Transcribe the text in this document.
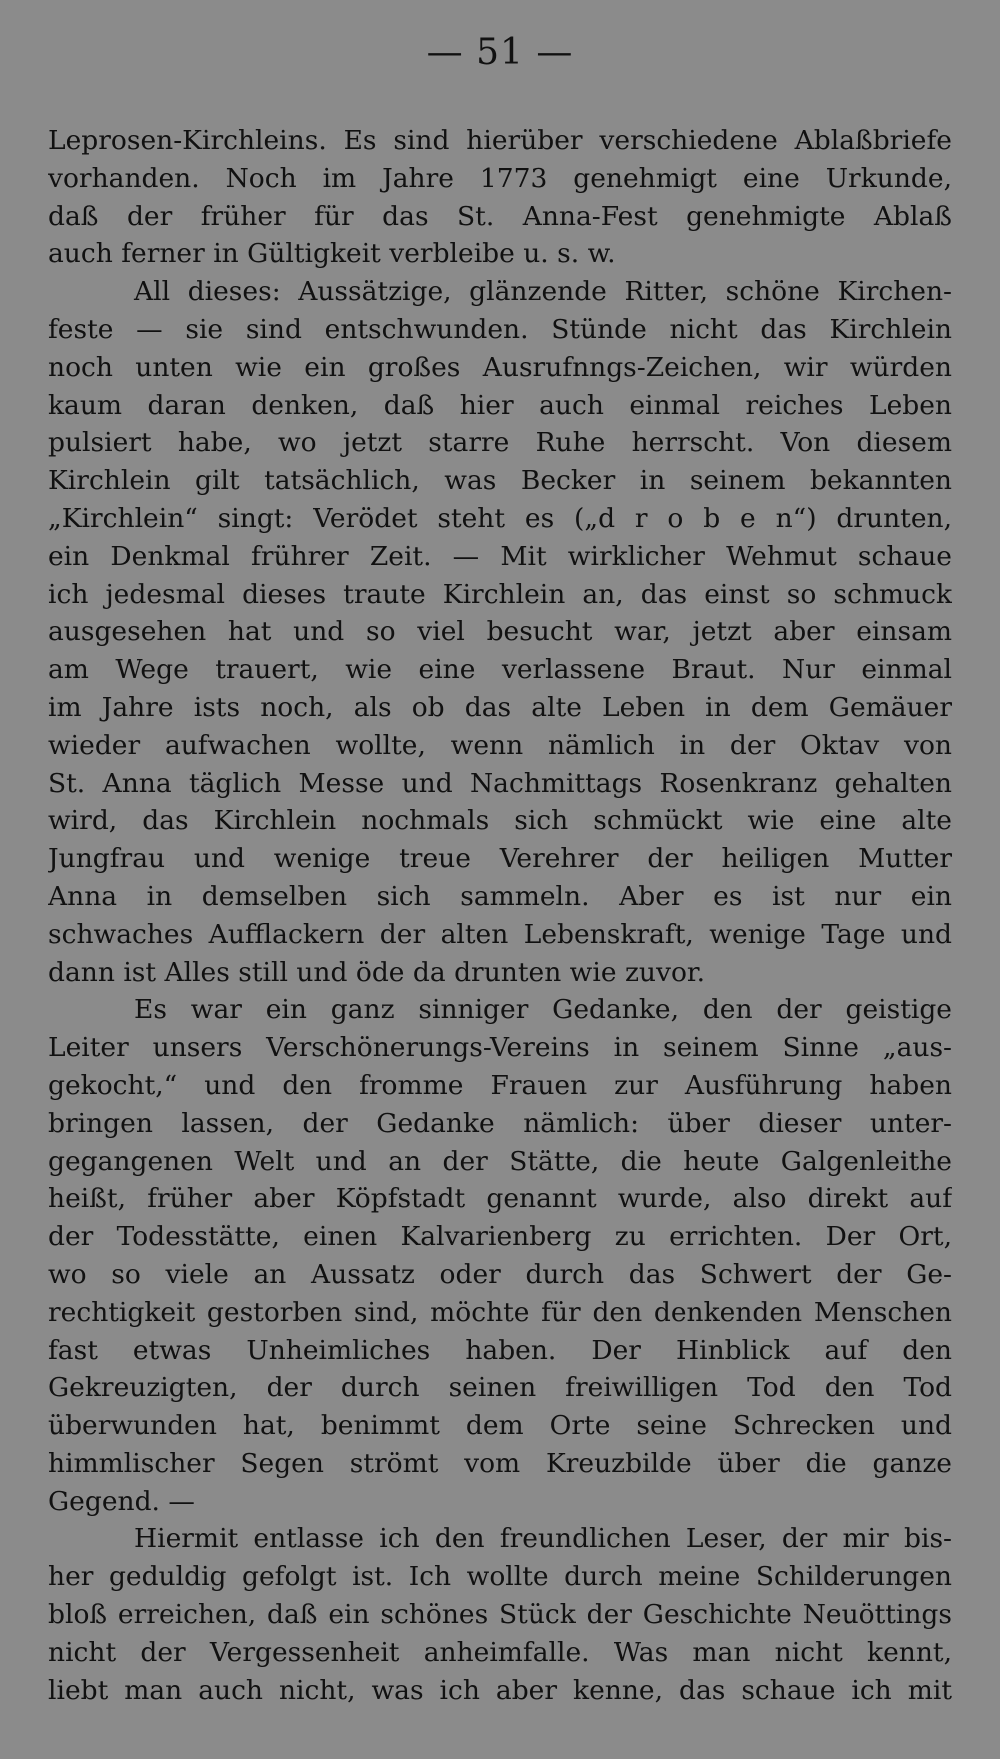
— 51 —
Leprosen-Kirchleins. Es sind hierüber verschiedene Ablaßbriefe
vorhanden. Noch im Jahre 1773 genehmigt eine Urkunde,
daß der früher für das St. Anna-Fest genehmigte Ablaß
auch ferner in Gültigkeit verbleibe u. s. w.
All dieses: Aussätzige, glänzende Ritter, schöne Kirchen-
feste — sie sind entschwunden. Stünde nicht das Kirchlein
noch unten wie ein großes Ausrufnngs-Zeichen, wir würden
kaum daran denken, daß hier auch einmal reiches Leben
pulsiert habe, wo jetzt starre Ruhe herrscht. Von diesem
Kirchlein gilt tatsächlich, was Becker in seinem bekannten
„Kirchlein“ singt: Verödet steht es („d r o b e n“) drunten,
ein Denkmal frührer Zeit. — Mit wirklicher Wehmut schaue
ich jedesmal dieses traute Kirchlein an, das einst so schmuck
ausgesehen hat und so viel besucht war, jetzt aber einsam
am Wege trauert, wie eine verlassene Braut. Nur einmal
im Jahre ists noch, als ob das alte Leben in dem Gemäuer
wieder aufwachen wollte, wenn nämlich in der Oktav von
St. Anna täglich Messe und Nachmittags Rosenkranz gehalten
wird, das Kirchlein nochmals sich schmückt wie eine alte
Jungfrau und wenige treue Verehrer der heiligen Mutter
Anna in demselben sich sammeln. Aber es ist nur ein
schwaches Aufflackern der alten Lebenskraft, wenige Tage und
dann ist Alles still und öde da drunten wie zuvor.
Es war ein ganz sinniger Gedanke, den der geistige
Leiter unsers Verschönerungs-Vereins in seinem Sinne „aus-
gekocht,“ und den fromme Frauen zur Ausführung haben
bringen lassen, der Gedanke nämlich: über dieser unter-
gegangenen Welt und an der Stätte, die heute Galgenleithe
heißt, früher aber Köpfstadt genannt wurde, also direkt auf
der Todesstätte, einen Kalvarienberg zu errichten. Der Ort,
wo so viele an Aussatz oder durch das Schwert der Ge-
rechtigkeit gestorben sind, möchte für den denkenden Menschen
fast etwas Unheimliches haben. Der Hinblick auf den
Gekreuzigten, der durch seinen freiwilligen Tod den Tod
überwunden hat, benimmt dem Orte seine Schrecken und
himmlischer Segen strömt vom Kreuzbilde über die ganze
Gegend. —
Hiermit entlasse ich den freundlichen Leser, der mir bis-
her geduldig gefolgt ist. Ich wollte durch meine Schilderungen
bloß erreichen, daß ein schönes Stück der Geschichte Neuöttings
nicht der Vergessenheit anheimfalle. Was man nicht kennt,
liebt man auch nicht, was ich aber kenne, das schaue ich mit
